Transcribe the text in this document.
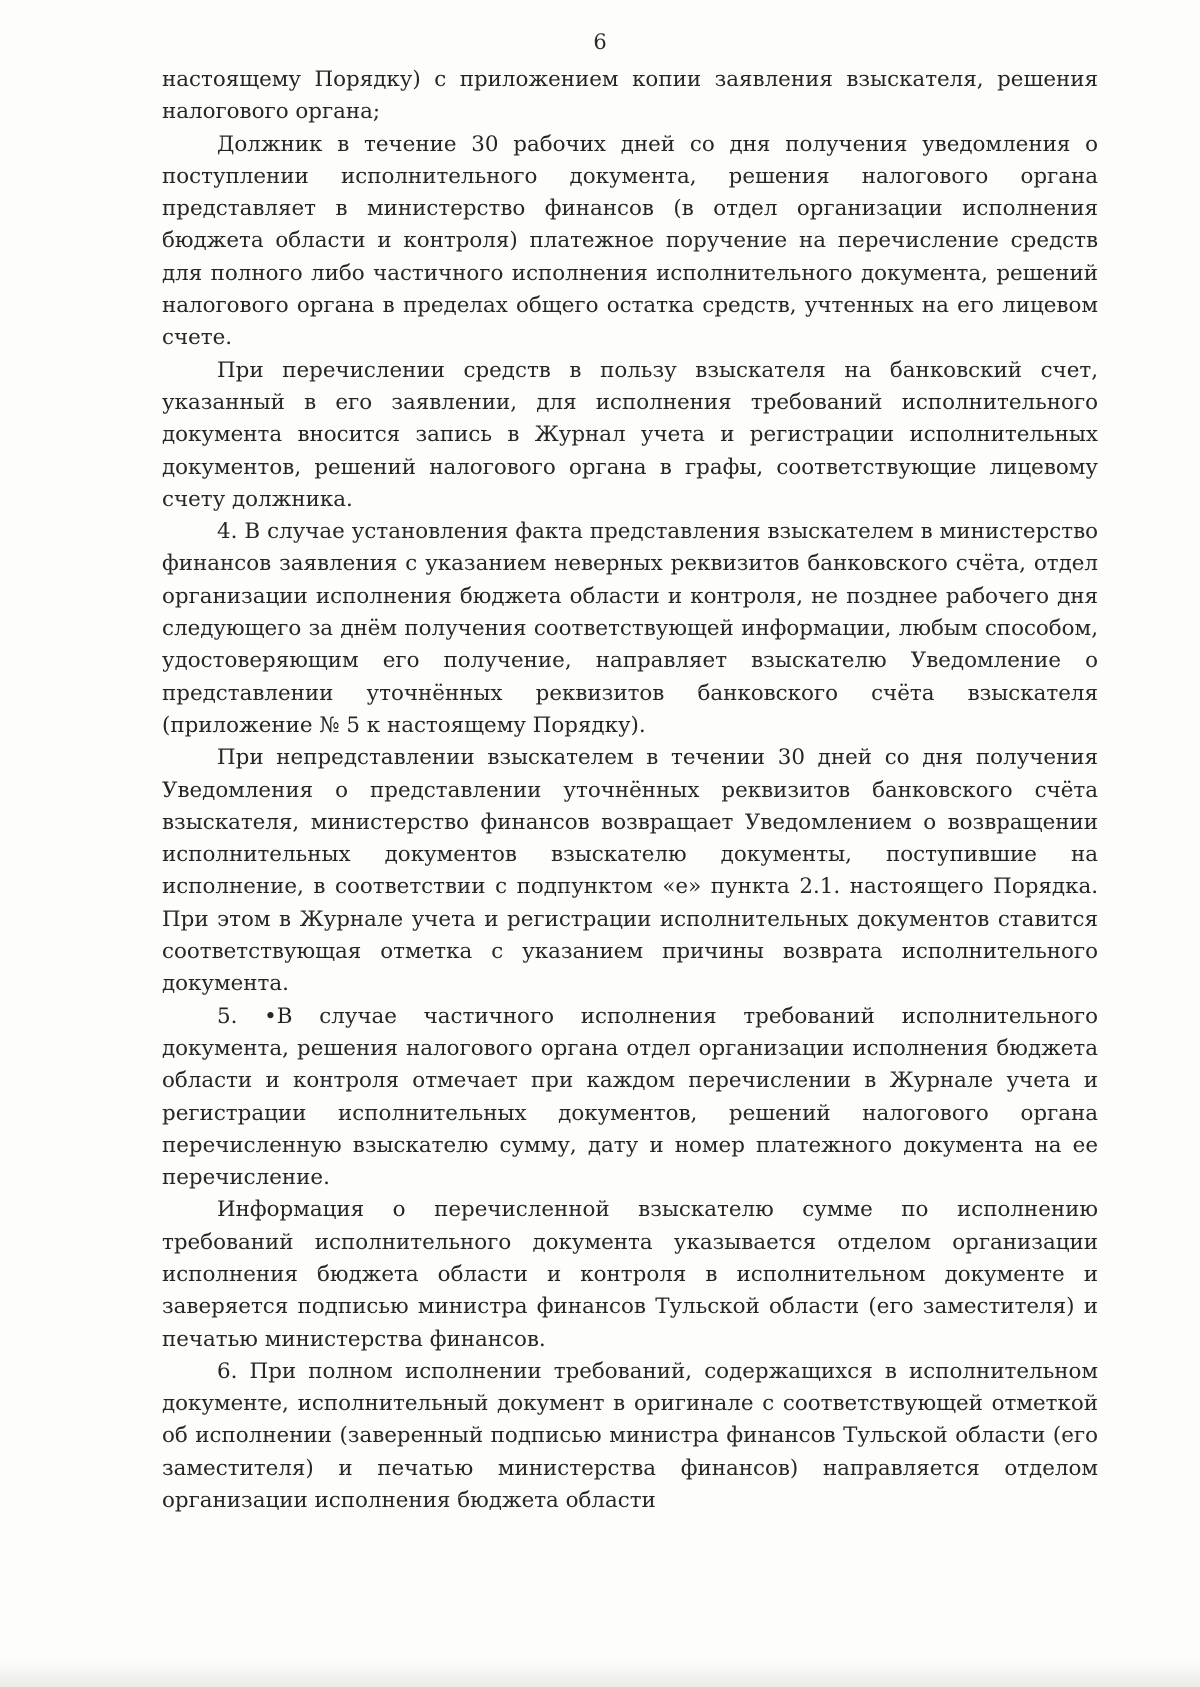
6

настоящему Порядку) с приложением копии заявления взыскателя, решения налогового органа;

Должник в течение 30 рабочих дней со дня получения уведомления о поступлении исполнительного документа, решения налогового органа представляет в министерство финансов (в отдел организации исполнения бюджета области и контроля) платежное поручение на перечисление средств для полного либо частичного исполнения исполнительного документа, решений налогового органа в пределах общего остатка средств, учтенных на его лицевом счете.

При перечислении средств в пользу взыскателя на банковский счет, указанный в его заявлении, для исполнения требований исполнительного документа вносится запись в Журнал учета и регистрации исполнительных документов, решений налогового органа в графы, соответствующие лицевому счету должника.

4. В случае установления факта представления взыскателем в министерство финансов заявления с указанием неверных реквизитов банковского счёта, отдел организации исполнения бюджета области и контроля, не позднее рабочего дня следующего за днём получения соответствующей информации, любым способом, удостоверяющим его получение, направляет взыскателю Уведомление о представлении уточнённых реквизитов банковского счёта взыскателя (приложение № 5 к настоящему Порядку).

При непредставлении взыскателем в течении 30 дней со дня получения Уведомления о представлении уточнённых реквизитов банковского счёта взыскателя, министерство финансов возвращает Уведомлением о возвращении исполнительных документов взыскателю документы, поступившие на исполнение, в соответствии с подпунктом «е» пункта 2.1. настоящего Порядка. При этом в Журнале учета и регистрации исполнительных документов ставится соответствующая отметка с указанием причины возврата исполнительного документа.

5. •В случае частичного исполнения требований исполнительного документа, решения налогового органа отдел организации исполнения бюджета области и контроля отмечает при каждом перечислении в Журнале учета и регистрации исполнительных документов, решений налогового органа перечисленную взыскателю сумму, дату и номер платежного документа на ее перечисление.

Информация о перечисленной взыскателю сумме по исполнению требований исполнительного документа указывается отделом организации исполнения бюджета области и контроля в исполнительном документе и заверяется подписью министра финансов Тульской области (его заместителя) и печатью министерства финансов.

6. При полном исполнении требований, содержащихся в исполнительном документе, исполнительный документ в оригинале с соответствующей отметкой об исполнении (заверенный подписью министра финансов Тульской области (его заместителя) и печатью министерства финансов) направляется отделом организации исполнения бюджета области
